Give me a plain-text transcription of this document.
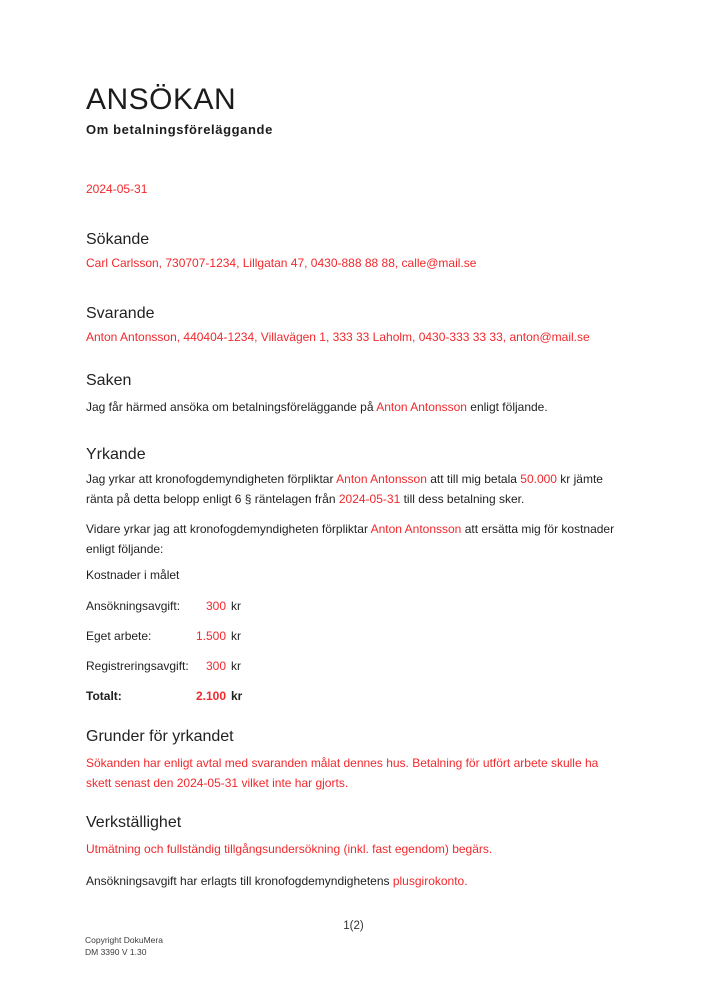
ANSÖKAN
Om betalningsföreläggande
2024-05-31
Sökande

Carl Carlsson, 730707-1234, Lillgatan 47, 0430-888 88 88, calle@mail.se

Svarande

Anton Antonsson, 440404-1234, Villavägen 1, 333 33 Laholm, 0430-333 33 33, anton@mail.se

Saken

Jag får härmed ansöka om betalningsföreläggande på Anton Antonsson enligt följande.

Yrkande

Jag yrkar att kronofogdemyndigheten förpliktar Anton Antonsson att till mig betala 50.000 kr jämte ränta på detta belopp enligt 6 § räntelagen från 2024-05-31 till dess betalning sker.

Vidare yrkar jag att kronofogdemyndigheten förpliktar Anton Antonsson att ersätta mig för kostnader enligt följande:

Kostnader i målet
Ansökningsavgift: 300 kr
Eget arbete:	1.500 kr
Registreringsavgift: 300 kr
Totalt:	2.100 kr
Grunder för yrkandet

Sökanden har enligt avtal med svaranden målat dennes hus. Betalning för utfört arbete skulle ha skett senast den 2024-05-31 vilket inte har gjorts.

Verkställighet

Utmätning och fullständig tillgångsundersökning (inkl. fast egendom) begärs.

Ansökningsavgift har erlagts till kronofogdemyndighetens plusgirokonto.

1(2)
Copyright DokuMera
DM 3390 V 1.30
